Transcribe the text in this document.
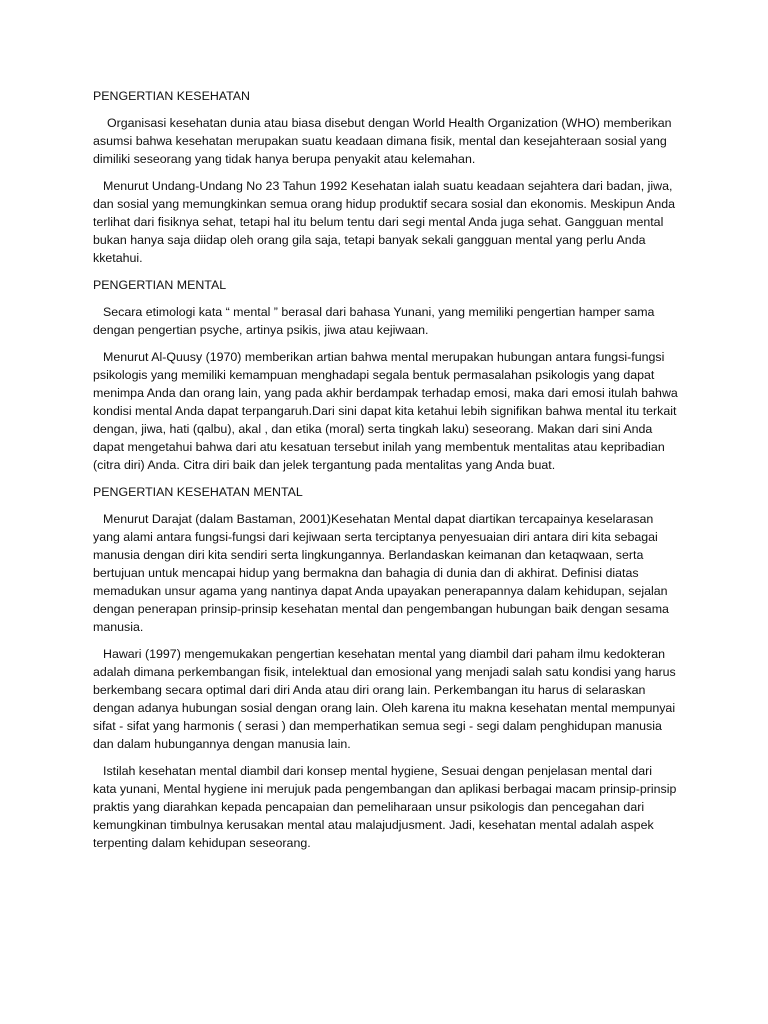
PENGERTIAN KESEHATAN

Organisasi kesehatan dunia atau biasa disebut dengan World Health Organization (WHO) memberikan asumsi bahwa kesehatan merupakan suatu keadaan dimana fisik, mental dan kesejahteraan sosial yang dimiliki seseorang yang tidak hanya berupa penyakit atau kelemahan.

Menurut Undang-Undang No 23 Tahun 1992 Kesehatan ialah suatu keadaan sejahtera dari badan, jiwa, dan sosial yang memungkinkan semua orang hidup produktif secara sosial dan ekonomis. Meskipun Anda terlihat dari fisiknya sehat, tetapi hal itu belum tentu dari segi mental Anda juga sehat. Gangguan mental bukan hanya saja diidap oleh orang gila saja, tetapi banyak sekali gangguan mental yang perlu Anda kketahui.

PENGERTIAN MENTAL

Secara etimologi kata “ mental ” berasal dari bahasa Yunani, yang memiliki pengertian hamper sama dengan pengertian psyche, artinya psikis, jiwa atau kejiwaan.

Menurut Al-Quusy (1970) memberikan artian bahwa mental merupakan hubungan antara fungsi-fungsi psikologis yang memiliki kemampuan menghadapi segala bentuk permasalahan psikologis yang dapat menimpa Anda dan orang lain, yang pada akhir berdampak terhadap emosi, maka dari emosi itulah bahwa kondisi mental Anda dapat terpangaruh.Dari sini dapat kita ketahui lebih signifikan bahwa mental itu terkait dengan, jiwa, hati (qalbu), akal , dan etika (moral) serta tingkah laku) seseorang. Makan dari sini Anda dapat mengetahui bahwa dari atu kesatuan tersebut inilah yang membentuk mentalitas atau kepribadian (citra diri) Anda. Citra diri baik dan jelek tergantung pada mentalitas yang Anda buat.

PENGERTIAN KESEHATAN MENTAL

Menurut Darajat (dalam Bastaman, 2001)Kesehatan Mental dapat diartikan tercapainya keselarasan yang alami antara fungsi-fungsi dari kejiwaan serta terciptanya penyesuaian diri antara diri kita sebagai manusia dengan diri kita sendiri serta lingkungannya. Berlandaskan keimanan dan ketaqwaan, serta bertujuan untuk mencapai hidup yang bermakna dan bahagia di dunia dan di akhirat. Definisi diatas memadukan unsur agama yang nantinya dapat Anda upayakan penerapannya dalam kehidupan, sejalan dengan penerapan prinsip-prinsip kesehatan mental dan pengembangan hubungan baik dengan sesama manusia.

Hawari (1997) mengemukakan pengertian kesehatan mental yang diambil dari paham ilmu kedokteran adalah dimana perkembangan fisik, intelektual dan emosional yang menjadi salah satu kondisi yang harus berkembang secara optimal dari diri Anda atau diri orang lain. Perkembangan itu harus di selaraskan dengan adanya hubungan sosial dengan orang lain. Oleh karena itu makna kesehatan mental mempunyai sifat - sifat yang harmonis ( serasi ) dan memperhatikan semua segi - segi dalam penghidupan manusia dan dalam hubungannya dengan manusia lain.

Istilah kesehatan mental diambil dari konsep mental hygiene, Sesuai dengan penjelasan mental dari kata yunani, Mental hygiene ini merujuk pada pengembangan dan aplikasi berbagai macam prinsip-prinsip praktis yang diarahkan kepada pencapaian dan pemeliharaan unsur psikologis dan pencegahan dari kemungkinan timbulnya kerusakan mental atau malajudjusment. Jadi, kesehatan mental adalah aspek terpenting dalam kehidupan seseorang.
